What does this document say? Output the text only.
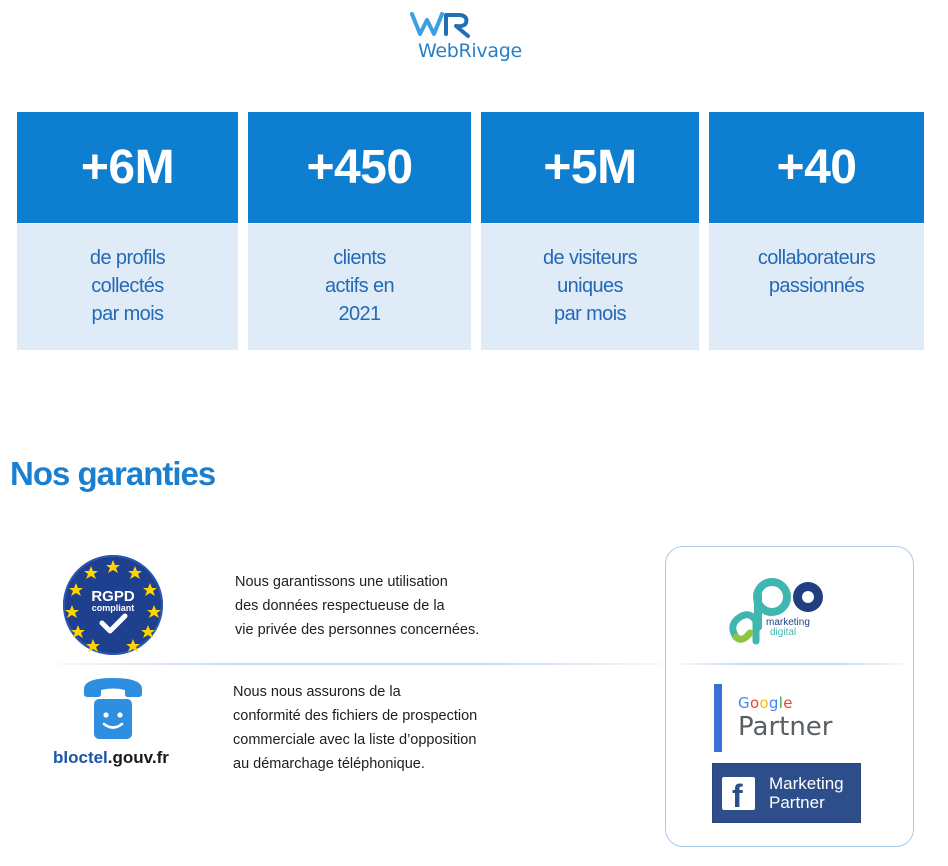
WebRivage
+6M
de profils
collectés
par mois
+450
clients
actifs en
2021
+5M
de visiteurs
uniques
par mois
+40
collaborateurs
passionnés
Nos garanties
RGPD
compliant
Nous garantissons une utilisation
des données respectueuse de la
vie privée des personnes concernées.
bloctel.gouv.fr
Nous nous assurons de la
conformité des fichiers de prospection
commerciale avec la liste d’opposition
au démarchage téléphonique.
marketing
digital
Google
Partner
f Marketing
Partner
